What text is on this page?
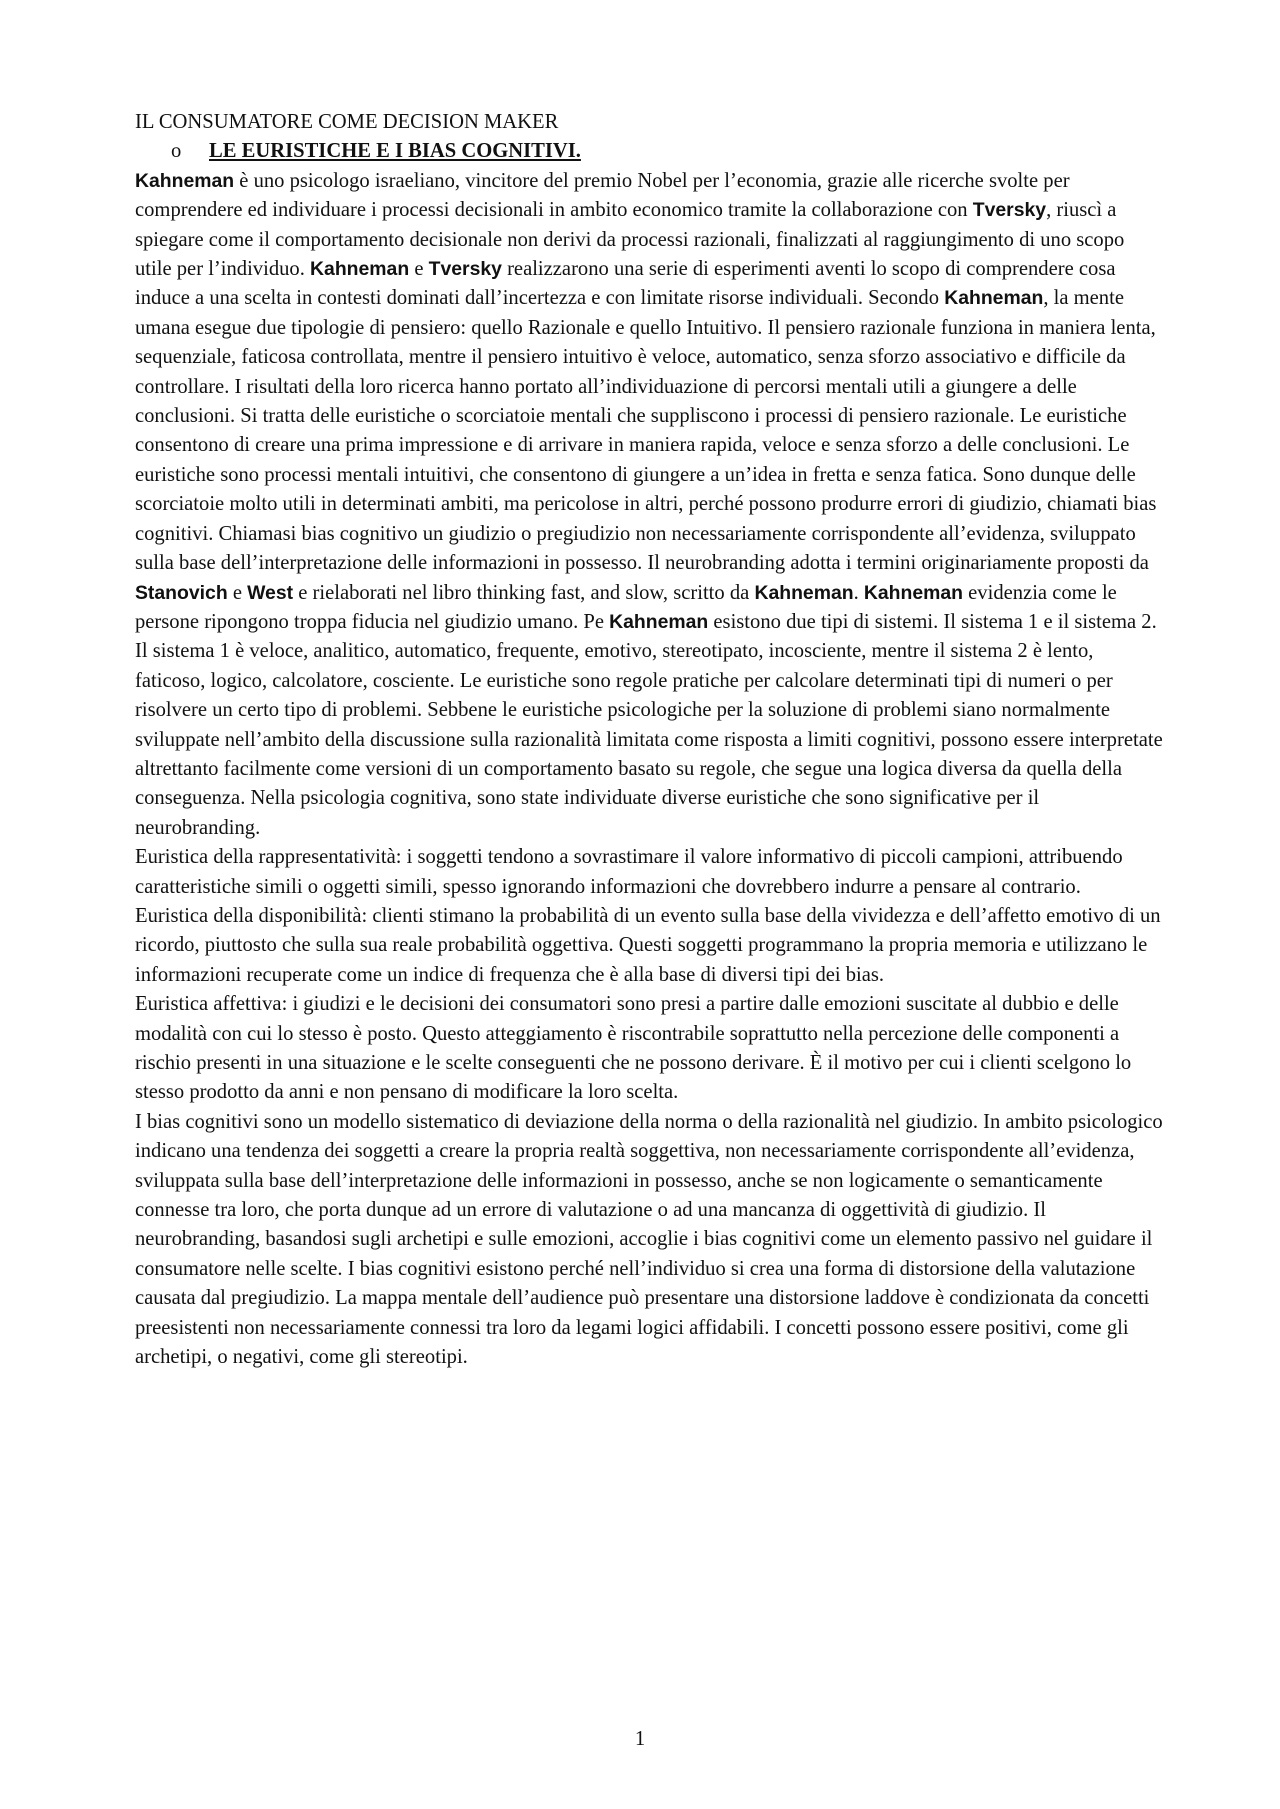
IL CONSUMATORE COME DECISION MAKER
o	LE EURISTICHE E I BIAS COGNITIVI.

Kahneman è uno psicologo israeliano, vincitore del premio Nobel per l’economia, grazie alle ricerche svolte per comprendere ed individuare i processi decisionali in ambito economico tramite la collaborazione con Tversky, riuscì a spiegare come il comportamento decisionale non derivi da processi razionali, finalizzati al raggiungimento di uno scopo utile per l’individuo. Kahneman e Tversky realizzarono una serie di esperimenti aventi lo scopo di comprendere cosa induce a una scelta in contesti dominati dall’incertezza e con limitate risorse individuali. Secondo Kahneman, la mente umana esegue due tipologie di pensiero: quello Razionale e quello Intuitivo. Il pensiero razionale funziona in maniera lenta, sequenziale, faticosa controllata, mentre il pensiero intuitivo è veloce, automatico, senza sforzo associativo e difficile da controllare. I risultati della loro ricerca hanno portato all’individuazione di percorsi mentali utili a giungere a delle conclusioni. Si tratta delle euristiche o scorciatoie mentali che suppliscono i processi di pensiero razionale. Le euristiche consentono di creare una prima impressione e di arrivare in maniera rapida, veloce e senza sforzo a delle conclusioni. Le euristiche sono processi mentali intuitivi, che consentono di giungere a un’idea in fretta e senza fatica. Sono dunque delle scorciatoie molto utili in determinati ambiti, ma pericolose in altri, perché possono produrre errori di giudizio, chiamati bias cognitivi. Chiamasi bias cognitivo un giudizio o pregiudizio non necessariamente corrispondente all’evidenza, sviluppato sulla base dell’interpretazione delle informazioni in possesso. Il neurobranding adotta i termini originariamente proposti da Stanovich e West e rielaborati nel libro thinking fast, and slow, scritto da Kahneman. Kahneman evidenzia come le persone ripongono troppa fiducia nel giudizio umano. Pe Kahneman esistono due tipi di sistemi. Il sistema 1 e il sistema 2. Il sistema 1 è veloce, analitico, automatico, frequente, emotivo, stereotipato, incosciente, mentre il sistema 2 è lento, faticoso, logico, calcolatore, cosciente. Le euristiche sono regole pratiche per calcolare determinati tipi di numeri o per risolvere un certo tipo di problemi. Sebbene le euristiche psicologiche per la soluzione di problemi siano normalmente sviluppate nell’ambito della discussione sulla razionalità limitata come risposta a limiti cognitivi, possono essere interpretate altrettanto facilmente come versioni di un comportamento basato su regole, che segue una logica diversa da quella della conseguenza. Nella psicologia cognitiva, sono state individuate diverse euristiche che sono significative per il neurobranding.

Euristica della rappresentatività: i soggetti tendono a sovrastimare il valore informativo di piccoli campioni, attribuendo caratteristiche simili o oggetti simili, spesso ignorando informazioni che dovrebbero indurre a pensare al contrario.

Euristica della disponibilità: clienti stimano la probabilità di un evento sulla base della vividezza e dell’affetto emotivo di un ricordo, piuttosto che sulla sua reale probabilità oggettiva. Questi soggetti programmano la propria memoria e utilizzano le informazioni recuperate come un indice di frequenza che è alla base di diversi tipi dei bias.

Euristica affettiva: i giudizi e le decisioni dei consumatori sono presi a partire dalle emozioni suscitate al dubbio e delle modalità con cui lo stesso è posto. Questo atteggiamento è riscontrabile soprattutto nella percezione delle componenti a rischio presenti in una situazione e le scelte conseguenti che ne possono derivare. È il motivo per cui i clienti scelgono lo stesso prodotto da anni e non pensano di modificare la loro scelta.

I bias cognitivi sono un modello sistematico di deviazione della norma o della razionalità nel giudizio. In ambito psicologico indicano una tendenza dei soggetti a creare la propria realtà soggettiva, non necessariamente corrispondente all’evidenza, sviluppata sulla base dell’interpretazione delle informazioni in possesso, anche se non logicamente o semanticamente connesse tra loro, che porta dunque ad un errore di valutazione o ad una mancanza di oggettività di giudizio. Il neurobranding, basandosi sugli archetipi e sulle emozioni, accoglie i bias cognitivi come un elemento passivo nel guidare il consumatore nelle scelte. I bias cognitivi esistono perché nell’individuo si crea una forma di distorsione della valutazione causata dal pregiudizio. La mappa mentale dell’audience può presentare una distorsione laddove è condizionata da concetti preesistenti non necessariamente connessi tra loro da legami logici affidabili. I concetti possono essere positivi, come gli archetipi, o negativi, come gli stereotipi.

1
